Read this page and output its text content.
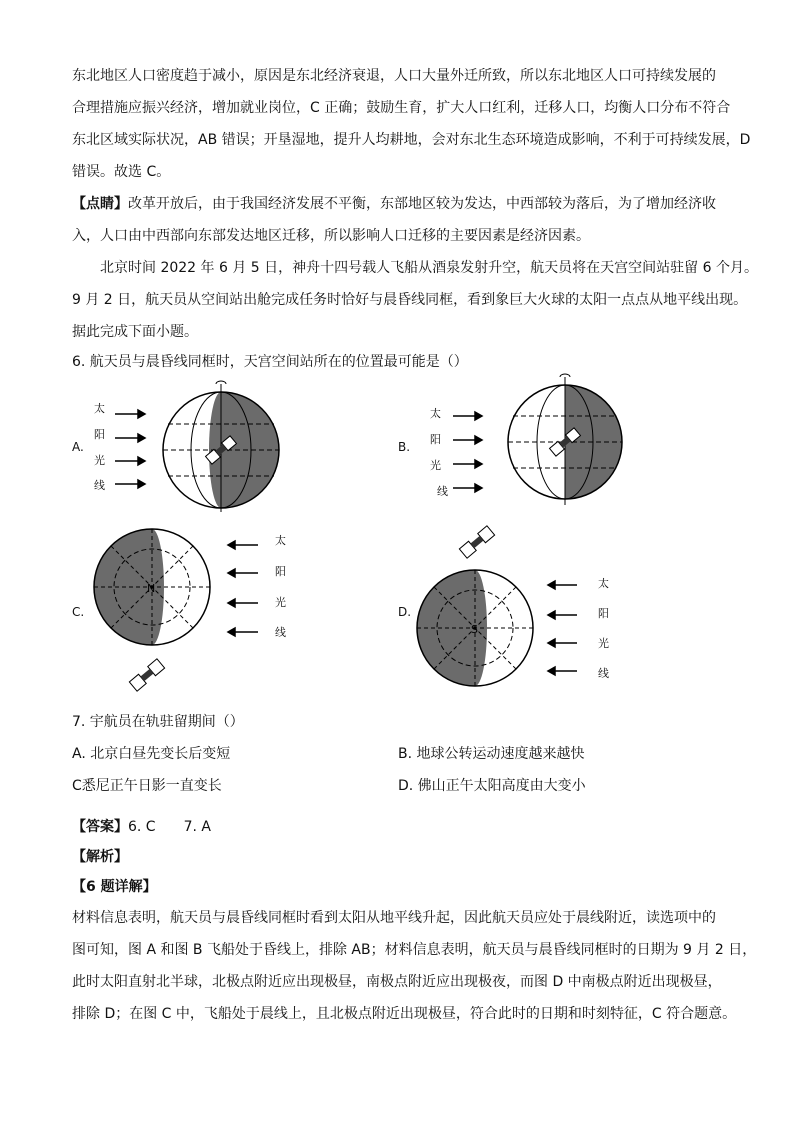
东北地区人口密度趋于减小，原因是东北经济衰退，人口大量外迁所致，所以东北地区人口可持续发展的
合理措施应振兴经济，增加就业岗位，C 正确；鼓励生育，扩大人口红利，迁移人口，均衡人口分布不符合
东北区域实际状况，AB 错误；开垦湿地，提升人均耕地，会对东北生态环境造成影响，不利于可持续发展，D
错误。故选 C。
【点睛】改革开放后，由于我国经济发展不平衡，东部地区较为发达，中西部较为落后，为了增加经济收
入，人口由中西部向东部发达地区迁移，所以影响人口迁移的主要因素是经济因素。
北京时间 2022 年 6 月 5 日，神舟十四号载人飞船从酒泉发射升空，航天员将在天宫空间站驻留 6 个月。
9 月 2 日，航天员从空间站出舱完成任务时恰好与晨昏线同框，看到象巨大火球的太阳一点点从地平线出现。
据此完成下面小题。
6. 航天员与晨昏线同框时，天宫空间站所在的位置最可能是（）
A.
太
阳
光
线
B.
太
阳
光
线
C.
太
阳
光
线
N
D.
太
阳
光
线
S
7. 宇航员在轨驻留期间（）
A. 北京白昼先变长后变短	B. 地球公转运动速度越来越快
C悉尼正午日影一直变长	D. 佛山正午太阳高度由大变小
【答案】6. C　　7. A
【解析】
【6 题详解】
材料信息表明，航天员与晨昏线同框时看到太阳从地平线升起，因此航天员应处于晨线附近，读选项中的
图可知，图 A 和图 B 飞船处于昏线上，排除 AB；材料信息表明，航天员与晨昏线同框时的日期为 9 月 2 日，
此时太阳直射北半球，北极点附近应出现极昼，南极点附近应出现极夜，而图 D 中南极点附近出现极昼，
排除 D；在图 C 中，飞船处于晨线上，且北极点附近出现极昼，符合此时的日期和时刻特征，C 符合题意。
